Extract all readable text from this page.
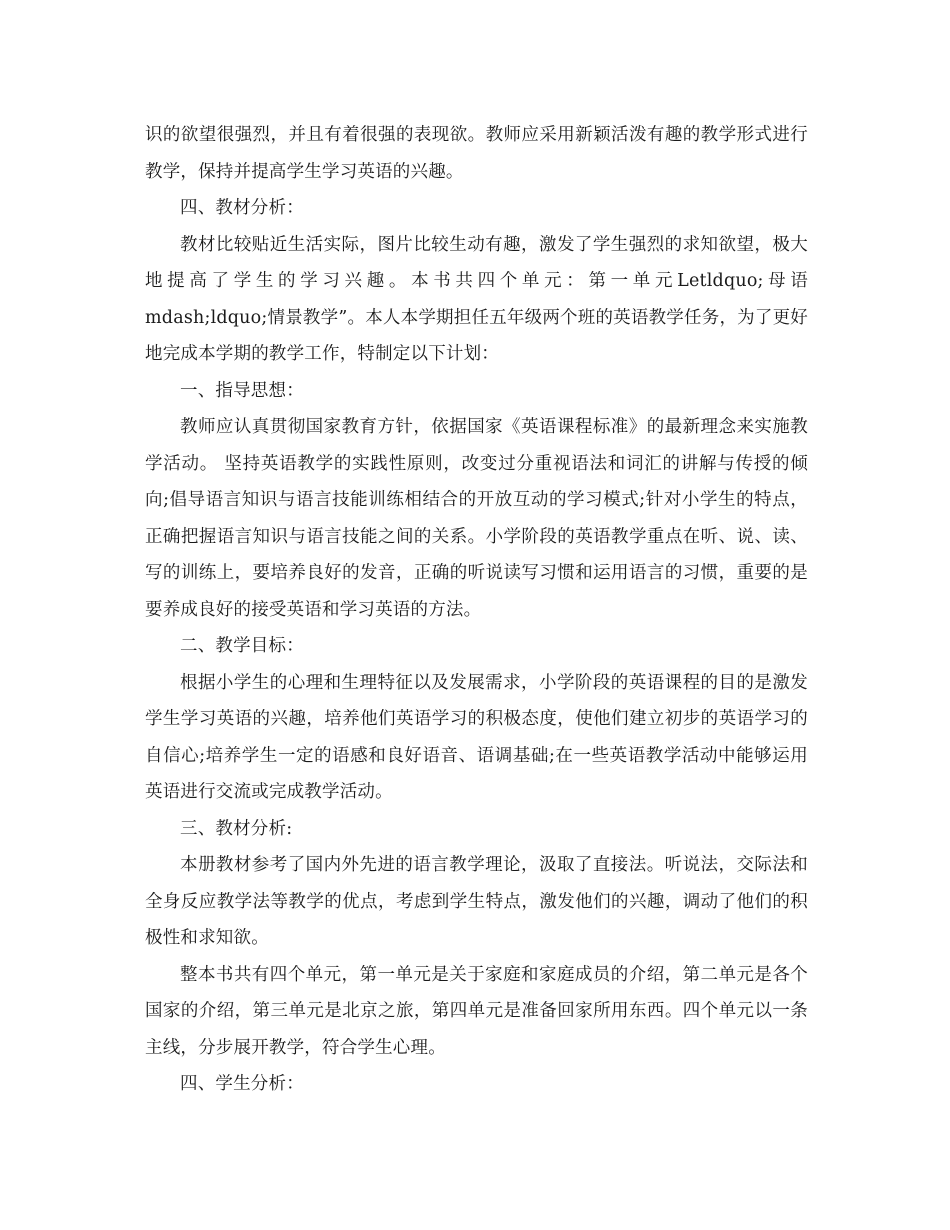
识的欲望很强烈，并且有着很强的表现欲。教师应采用新颖活泼有趣的教学形式进行教学，保持并提高学生学习英语的兴趣。

四、教材分析：

教材比较贴近生活实际，图片比较生动有趣，激发了学生强烈的求知欲望，极大地提高了学生的学习兴趣。本书共四个单元：第一单元Letldquo;母语mdash;ldquo;情景教学”。本人本学期担任五年级两个班的英语教学任务，为了更好地完成本学期的教学工作，特制定以下计划：

一、指导思想：

教师应认真贯彻国家教育方针，依据国家《英语课程标准》的最新理念来实施教学活动。 坚持英语教学的实践性原则，改变过分重视语法和词汇的讲解与传授的倾向;倡导语言知识与语言技能训练相结合的开放互动的学习模式;针对小学生的特点，正确把握语言知识与语言技能之间的关系。小学阶段的英语教学重点在听、说、读、写的训练上，要培养良好的发音，正确的听说读写习惯和运用语言的习惯，重要的是要养成良好的接受英语和学习英语的方法。

二、教学目标：

根据小学生的心理和生理特征以及发展需求，小学阶段的英语课程的目的是激发学生学习英语的兴趣，培养他们英语学习的积极态度，使他们建立初步的英语学习的自信心;培养学生一定的语感和良好语音、语调基础;在一些英语教学活动中能够运用英语进行交流或完成教学活动。

三、教材分析:

本册教材参考了国内外先进的语言教学理论，汲取了直接法。听说法，交际法和全身反应教学法等教学的优点，考虑到学生特点，激发他们的兴趣，调动了他们的积极性和求知欲。

整本书共有四个单元，第一单元是关于家庭和家庭成员的介绍，第二单元是各个国家的介绍，第三单元是北京之旅，第四单元是准备回家所用东西。四个单元以一条主线，分步展开教学，符合学生心理。

四、学生分析：
